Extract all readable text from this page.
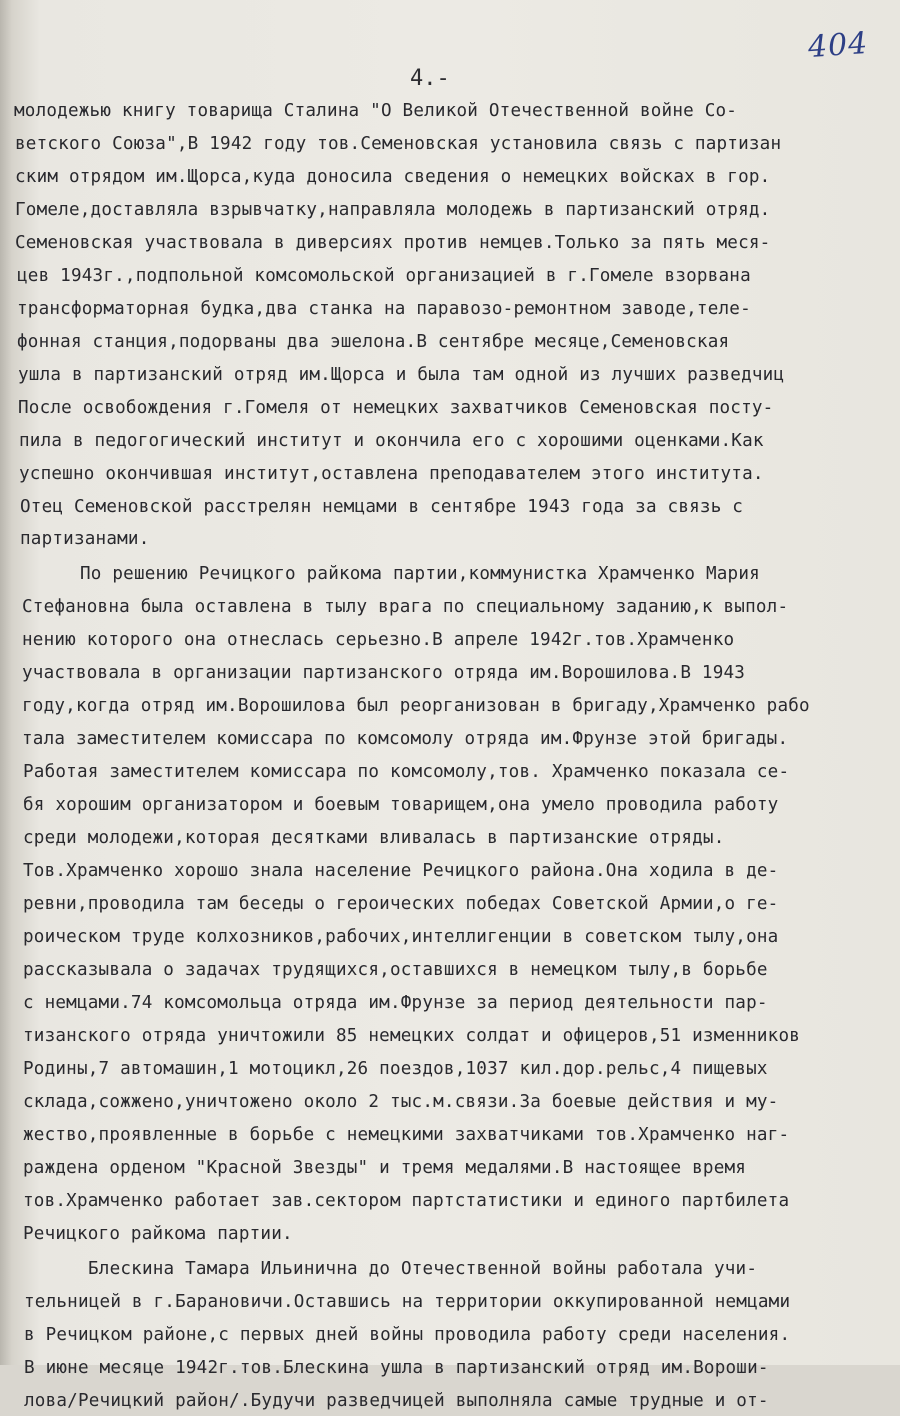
404
4.-

молодежью книгу товарища Сталина "О Великой Отечественной войне Со-

ветского Союза",В 1942 году тов.Семеновская установила связь с партизан

ским отрядом им.Щорса,куда доносила сведения о немецких войсках в гор.

Гомеле,доставляла взрывчатку,направляла молодежь в партизанский отряд.

Семеновская участвовала в диверсиях против немцев.Только за пять меся-

цев 1943г.,подпольной комсомольской организацией в г.Гомеле взорвана

трансформаторная будка,два станка на паравозо-ремонтном заводе,теле-

фонная станция,подорваны два эшелона.В сентябре месяце,Семеновская

ушла в партизанский отряд им.Щорса и была там одной из лучших разведчиц

После освобождения г.Гомеля от немецких захватчиков Семеновская посту-

пила в педогогический институт и окончила его с хорошими оценками.Как

успешно окончившая институт,оставлена преподавателем этого института.

Отец Семеновской расстрелян немцами в сентябре 1943 года за связь с

партизанами.

По решению Речицкого райкома партии,коммунистка Храмченко Мария

Стефановна была оставлена в тылу врага по специальному заданию,к выпол-

нению которого она отнеслась серьезно.В апреле 1942г.тов.Храмченко

участвовала в организации партизанского отряда им.Ворошилова.В 1943

году,когда отряд им.Ворошилова был реорганизован в бригаду,Храмченко рабо

тала заместителем комиссара по комсомолу отряда им.Фрунзе этой бригады.

Работая заместителем комиссара по комсомолу,тов. Храмченко показала се-

бя хорошим организатором и боевым товарищем,она умело проводила работу

среди молодежи,которая десятками вливалась в партизанские отряды.

Тов.Храмченко хорошо знала население Речицкого района.Она ходила в де-

ревни,проводила там беседы о героических победах Советской Армии,о ге-

роическом труде колхозников,рабочих,интеллигенции в советском тылу,она

рассказывала о задачах трудящихся,оставшихся в немецком тылу,в борьбе

с немцами.74 комсомольца отряда им.Фрунзе за период деятельности пар-

тизанского отряда уничтожили 85 немецких солдат и офицеров,51 изменников

Родины,7 автомашин,1 мотоцикл,26 поездов,1037 кил.дор.рельс,4 пищевых

склада,сожжено,уничтожено около 2 тыс.м.связи.За боевые действия и му-

жество,проявленные в борьбе с немецкими захватчиками тов.Храмченко наг-

раждена орденом "Красной Звезды" и тремя медалями.В настоящее время

тов.Храмченко работает зав.сектором партстатистики и единого партбилета

Речицкого райкома партии.

Блескина Тамара Ильинична до Отечественной войны работала учи-

тельницей в г.Барановичи.Оставшись на территории оккупированной немцами

в Речицком районе,с первых дней войны проводила работу среди населения.

В июне месяце 1942г.тов.Блескина ушла в партизанский отряд им.Вороши-

лова/Речицкий район/.Будучи разведчицей выполняла самые трудные и от-
